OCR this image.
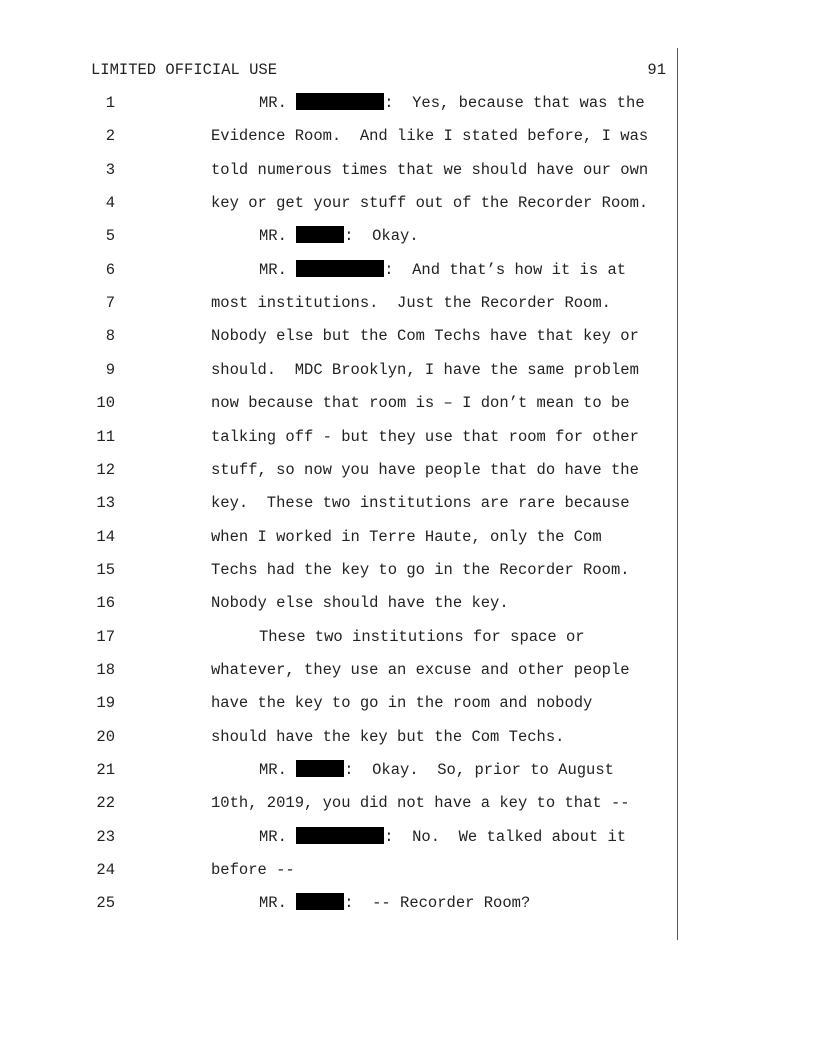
LIMITED OFFICIAL USE	91
1	MR.	:  Yes, because that was the
2	Evidence Room.  And like I stated before, I was
3	told numerous times that we should have our own
4	key or get your stuff out of the Recorder Room.
5	MR.	:  Okay.
6	MR.	:  And that’s how it is at
7	most institutions.  Just the Recorder Room.
8	Nobody else but the Com Techs have that key or
9	should.  MDC Brooklyn, I have the same problem
10	now because that room is – I don’t mean to be
11	talking off - but they use that room for other
12	stuff, so now you have people that do have the
13	key.  These two institutions are rare because
14	when I worked in Terre Haute, only the Com
15	Techs had the key to go in the Recorder Room.
16	Nobody else should have the key.
17	These two institutions for space or
18	whatever, they use an excuse and other people
19	have the key to go in the room and nobody
20	should have the key but the Com Techs.
21	MR.	:  Okay.  So, prior to August
22	10th, 2019, you did not have a key to that --
23	MR.	:  No.  We talked about it
24	before --
25	MR.	:  -- Recorder Room?
